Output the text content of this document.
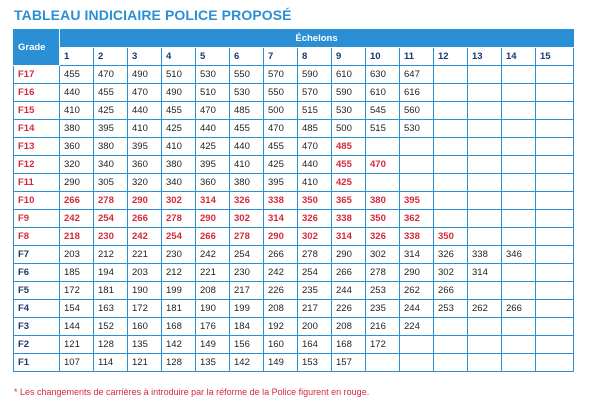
TABLEAU INDICIAIRE POLICE PROPOSÉ
Grade	Échelons														
	1	2	3	4	5	6	7	8	9	10	11	12	13	14	15
F17	455	470	490	510	530	550	570	590	610	630	647				
F16	440	455	470	490	510	530	550	570	590	610	616				
F15	410	425	440	455	470	485	500	515	530	545	560				
F14	380	395	410	425	440	455	470	485	500	515	530				
F13	360	380	395	410	425	440	455	470	485						
F12	320	340	360	380	395	410	425	440	455	470					
F11	290	305	320	340	360	380	395	410	425						
F10	266	278	290	302	314	326	338	350	365	380	395				
F9	242	254	266	278	290	302	314	326	338	350	362				
F8	218	230	242	254	266	278	290	302	314	326	338	350			
F7	203	212	221	230	242	254	266	278	290	302	314	326	338	346	
F6	185	194	203	212	221	230	242	254	266	278	290	302	314		
F5	172	181	190	199	208	217	226	235	244	253	262	266			
F4	154	163	172	181	190	199	208	217	226	235	244	253	262	266	
F3	144	152	160	168	176	184	192	200	208	216	224				
F2	121	128	135	142	149	156	160	164	168	172					
F1	107	114	121	128	135	142	149	153	157						
* Les changements de carrières à introduire par la réforme de la Police figurent en rouge.
